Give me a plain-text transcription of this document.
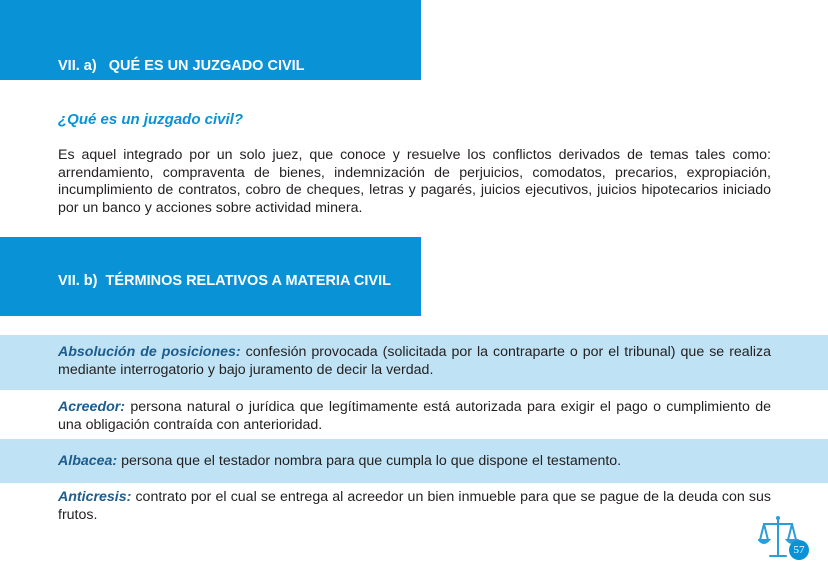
VII. a)   QUÉ ES UN JUZGADO CIVIL
¿Qué es un juzgado civil?
Es aquel integrado por un solo juez, que conoce y resuelve los conflictos derivados de temas tales como: arrendamiento, compraventa de bienes, indemnización de perjuicios, comodatos, precarios, expropiación, incumplimiento de contratos, cobro de cheques, letras y pagarés, juicios ejecutivos, juicios hipotecarios iniciado por un banco y acciones sobre actividad minera.
VII. b)  TÉRMINOS RELATIVOS A MATERIA CIVIL

Absolución de posiciones: confesión provocada (solicitada por la contraparte o por el tribunal) que se realiza mediante interrogatorio y bajo juramento de decir la verdad.

Acreedor: persona natural o jurídica que legítimamente está autorizada para exigir el pago o cumplimiento de una obligación contraída con anterioridad.

Albacea: persona que el testador nombra para que cumpla lo que dispone el testamento.

Anticresis: contrato por el cual se entrega al acreedor un bien inmueble para que se pague de la deuda con sus frutos.

57
